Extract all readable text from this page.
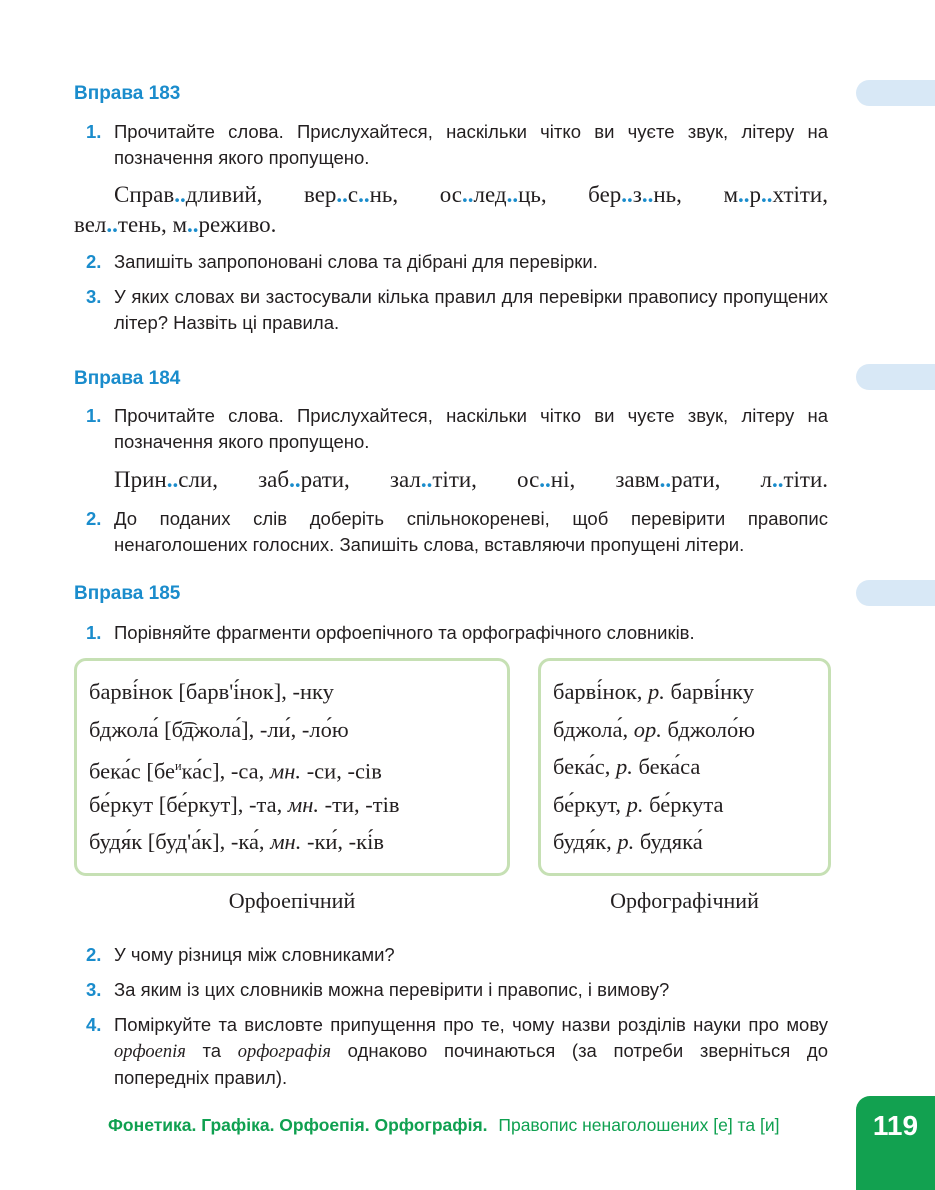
Вправа 183
1. Прочитайте слова. Прислухайтеся, наскільки чітко ви чуєте звук, літеру на позначення якого пропущено.
Справ..дливий, вер..с..нь, ос..лед..ць, бер..з..нь, м..р..хтіти,
вел..тень, м..реживо.
2. Запишіть запропоновані слова та дібрані для перевірки.
3. У яких словах ви застосували кілька правил для перевірки правопису пропущених літер? Назвіть ці правила.
Вправа 184
1. Прочитайте слова. Прислухайтеся, наскільки чітко ви чуєте звук, літеру на позначення якого пропущено.
Прин..сли, заб..рати, зал..тіти, ос..ні, завм..рати, л..тіти.
2. До поданих слів доберіть спільнокореневі, щоб перевірити правопис ненаголошених голосних. Запишіть слова, вставляючи пропущені літери.
Вправа 185
1. Порівняйте фрагменти орфоепічного та орфографічного словників.
барві́нок [барв'і́нок], -нку
бджола́ [б͡джола́], -ли́, -ло́ю
бека́с $[бе^ика́с]$, -са, мн. -си, -сів
бе́ркут [бе́ркут], -та, мн. -ти, -тів
будя́к [буд'а́к], -ка́, мн. -ки́, -кі́в
барві́нок, р. барві́нку
бджола́, ор. бджоло́ю
бека́с, р. бека́са
бе́ркут, р. бе́ркута
будя́к, р. будяка́
Орфоепічний	Орфографічний
2. У чому різниця між словниками?
3. За яким із цих словників можна перевірити і правопис, і вимову?
4. Поміркуйте та висловте припущення про те, чому назви розділів науки про мову орфоепія та орфографія однаково починаються (за потреби зверніться до попередніх правил).
Фонетика. Графіка. Орфоепія. Орфографія. Правопис ненаголошених [е] та [и]	119
